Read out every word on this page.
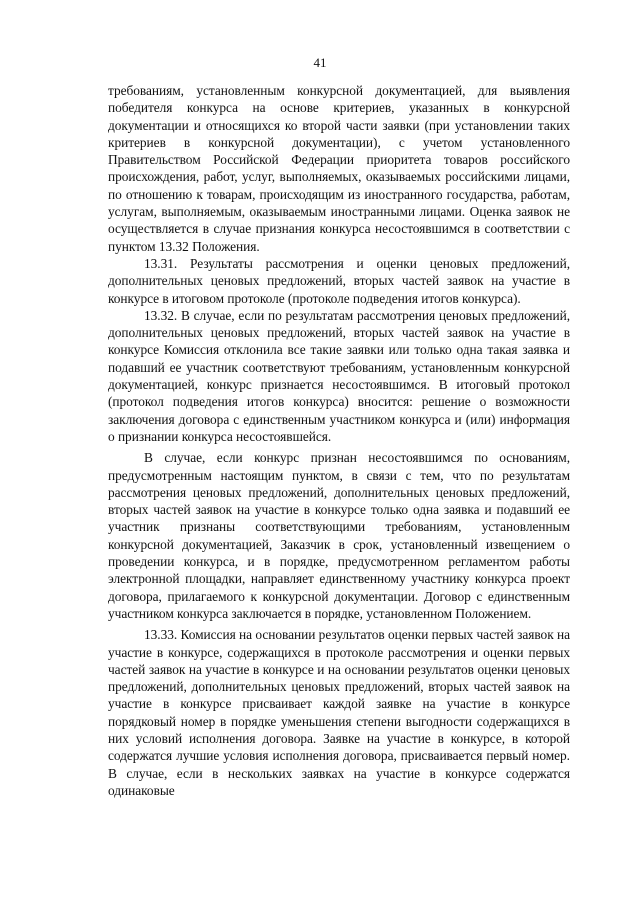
41

требованиям, установленным конкурсной документацией, для выявления победителя конкурса на основе критериев, указанных в конкурсной документации и относящихся ко второй части заявки (при установлении таких критериев в конкурсной документации), с учетом установленного Правительством Российской Федерации приоритета товаров российского происхождения, работ, услуг, выполняемых, оказываемых российскими лицами, по отношению к товарам, происходящим из иностранного государства, работам, услугам, выполняемым, оказываемым иностранными лицами. Оценка заявок не осуществляется в случае признания конкурса несостоявшимся в соответствии с пунктом 13.32 Положения.

13.31. Результаты рассмотрения и оценки ценовых предложений, дополнительных ценовых предложений, вторых частей заявок на участие в конкурсе в итоговом протоколе (протоколе подведения итогов конкурса).

13.32. В случае, если по результатам рассмотрения ценовых предложений, дополнительных ценовых предложений, вторых частей заявок на участие в конкурсе Комиссия отклонила все такие заявки или только одна такая заявка и подавший ее участник соответствуют требованиям, установленным конкурсной документацией, конкурс признается несостоявшимся. В итоговый протокол (протокол подведения итогов конкурса) вносится: решение о возможности заключения договора с единственным участником конкурса и (или) информация о признании конкурса несостоявшейся.

В случае, если конкурс признан несостоявшимся по основаниям, предусмотренным настоящим пунктом, в связи с тем, что по результатам рассмотрения ценовых предложений, дополнительных ценовых предложений, вторых частей заявок на участие в конкурсе только одна заявка и подавший ее участник признаны соответствующими требованиям, установленным конкурсной документацией, Заказчик в срок, установленный извещением о проведении конкурса, и в порядке, предусмотренном регламентом работы электронной площадки, направляет единственному участнику конкурса проект договора, прилагаемого к конкурсной документации. Договор с единственным участником конкурса заключается в порядке, установленном Положением.

13.33. Комиссия на основании результатов оценки первых частей заявок на участие в конкурсе, содержащихся в протоколе рассмотрения и оценки первых частей заявок на участие в конкурсе и на основании результатов оценки ценовых предложений, дополнительных ценовых предложений, вторых частей заявок на участие в конкурсе присваивает каждой заявке на участие в конкурсе порядковый номер в порядке уменьшения степени выгодности содержащихся в них условий исполнения договора. Заявке на участие в конкурсе, в которой содержатся лучшие условия исполнения договора, присваивается первый номер. В случае, если в нескольких заявках на участие в конкурсе содержатся одинаковые
